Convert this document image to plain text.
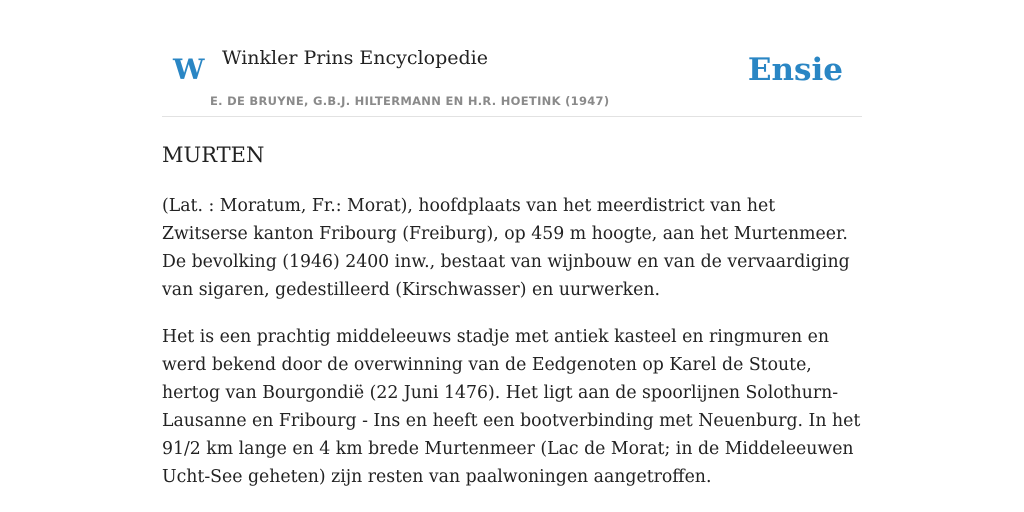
W Winkler Prins Encyclopedie
E. DE BRUYNE, G.B.J. HILTERMANN EN H.R. HOETINK (1947)
Ensie
MURTEN

(Lat. : Moratum, Fr.: Morat), hoofdplaats van het meerdistrict van het Zwitserse kanton Fribourg (Freiburg), op 459 m hoogte, aan het Murtenmeer. De bevolking (1946) 2400 inw., bestaat van wijnbouw en van de vervaardiging van sigaren, gedestilleerd (Kirschwasser) en uurwerken.

Het is een prachtig middeleeuws stadje met antiek kasteel en ringmuren en werd bekend door de overwinning van de Eedgenoten op Karel de Stoute, hertog van Bourgondië (22 Juni 1476). Het ligt aan de spoorlijnen Solothurn-Lausanne en Fribourg - Ins en heeft een bootverbinding met Neuenburg. In het 91/2 km lange en 4 km brede Murtenmeer (Lac de Morat; in de Middeleeuwen Ucht-See geheten) zijn resten van paalwoningen aangetroffen.
